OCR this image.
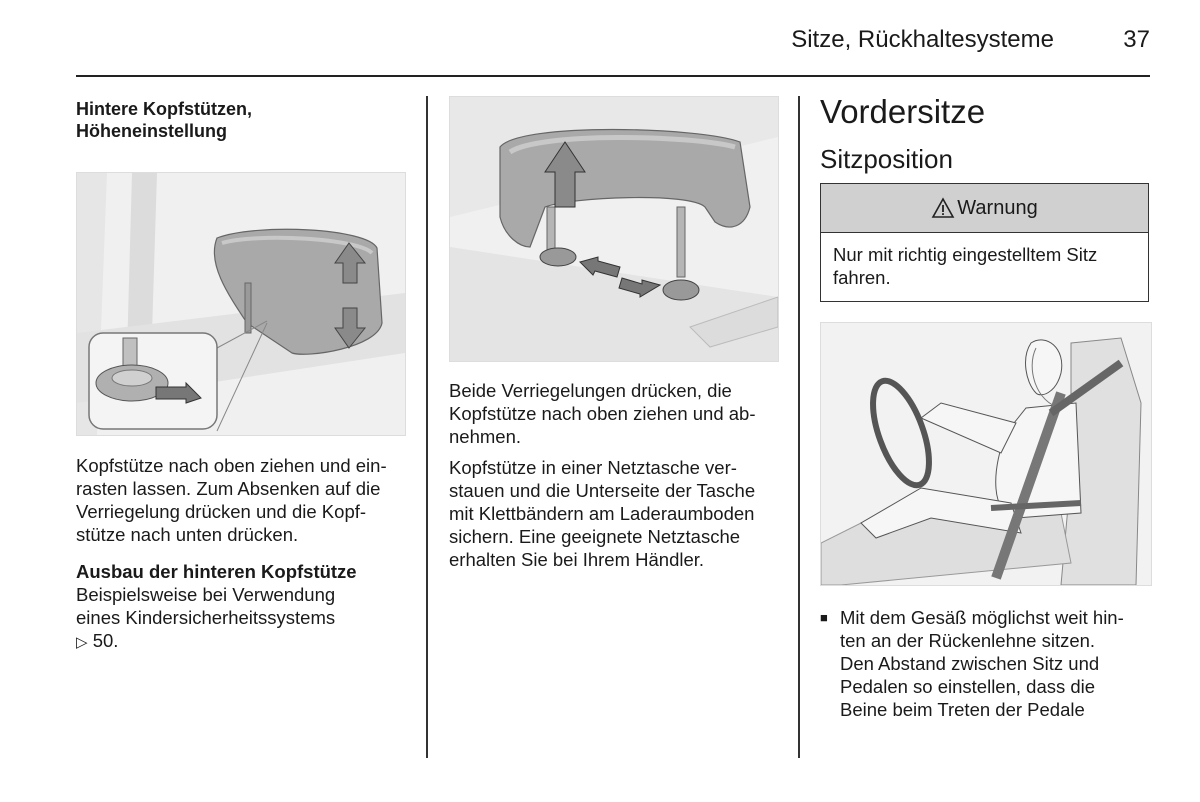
Sitze, Rückhaltesysteme	37

Hintere Kopfstützen,
Höheneinstellung

Kopfstütze nach oben ziehen und ein-
rasten lassen. Zum Absenken auf die
Verriegelung drücken und die Kopf-
stütze nach unten drücken.

Ausbau der hinteren Kopfstütze

Beispielsweise bei Verwendung
eines Kindersicherheitssystems
▷ 50.

Beide Verriegelungen drücken, die
Kopfstütze nach oben ziehen und ab-
nehmen.

Kopfstütze in einer Netztasche ver-
stauen und die Unterseite der Tasche
mit Klettbändern am Laderaumboden
sichern. Eine geeignete Netztasche
erhalten Sie bei Ihrem Händler.

Vordersitze
Sitzposition
Warnung
Nur mit richtig eingestelltem Sitz
fahren.
■ Mit dem Gesäß möglichst weit hin-
ten an der Rückenlehne sitzen.
Den Abstand zwischen Sitz und
Pedalen so einstellen, dass die
Beine beim Treten der Pedale
